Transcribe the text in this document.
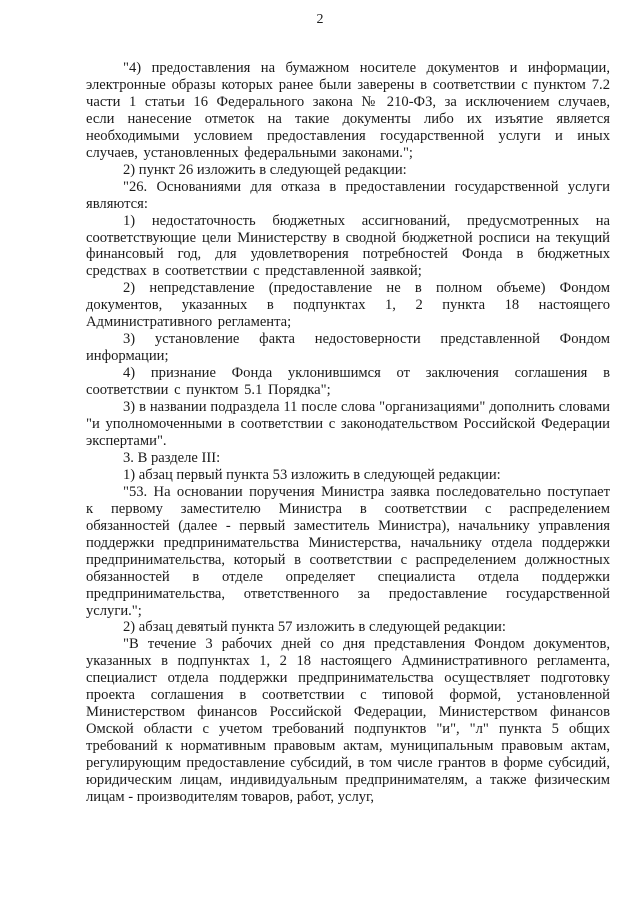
2

"4) предоставления на бумажном носителе документов и информации, электронные образы которых ранее были заверены в соответствии с пунктом 7.2 части 1 статьи 16 Федерального закона № 210-ФЗ, за исключением случаев, если нанесение отметок на такие документы либо их изъятие является необходимыми условием предоставления государственной услуги и иных случаев, установленных федеральными законами.";

2) пункт 26 изложить в следующей редакции:

"26. Основаниями для отказа в предоставлении государственной услуги являются:

1) недостаточность бюджетных ассигнований, предусмотренных на соответствующие цели Министерству в сводной бюджетной росписи на текущий финансовый год, для удовлетворения потребностей Фонда в бюджетных средствах в соответствии с представленной заявкой;

2) непредставление (предоставление не в полном объеме) Фондом документов, указанных в подпунктах 1, 2 пункта 18 настоящего Административного регламента;

3) установление факта недостоверности представленной Фондом информации;

4) признание Фонда уклонившимся от заключения соглашения в соответствии с пунктом 5.1 Порядка";

3) в названии подраздела 11 после слова "организациями" дополнить словами "и уполномоченными в соответствии с законодательством Российской Федерации экспертами".

3. В разделе III:

1) абзац первый пункта 53 изложить в следующей редакции:

"53. На основании поручения Министра заявка последовательно поступает к первому заместителю Министра в соответствии с распределением обязанностей (далее - первый заместитель Министра), начальнику управления поддержки предпринимательства Министерства, начальнику отдела поддержки предпринимательства, который в соответствии с распределением должностных обязанностей в отделе определяет специалиста отдела поддержки предпринимательства, ответственного за предоставление государственной услуги.";

2) абзац девятый пункта 57 изложить в следующей редакции:

"В течение 3 рабочих дней со дня представления Фондом документов, указанных в подпунктах 1, 2 18 настоящего Административного регламента, специалист отдела поддержки предпринимательства осуществляет подготовку проекта соглашения в соответствии с типовой формой, установленной Министерством финансов Российской Федерации, Министерством финансов Омской области с учетом требований подпунктов "и", "л" пункта 5 общих требований к нормативным правовым актам, муниципальным правовым актам, регулирующим предоставление субсидий, в том числе грантов в форме субсидий, юридическим лицам, индивидуальным предпринимателям, а также физическим лицам - производителям товаров, работ, услуг,
